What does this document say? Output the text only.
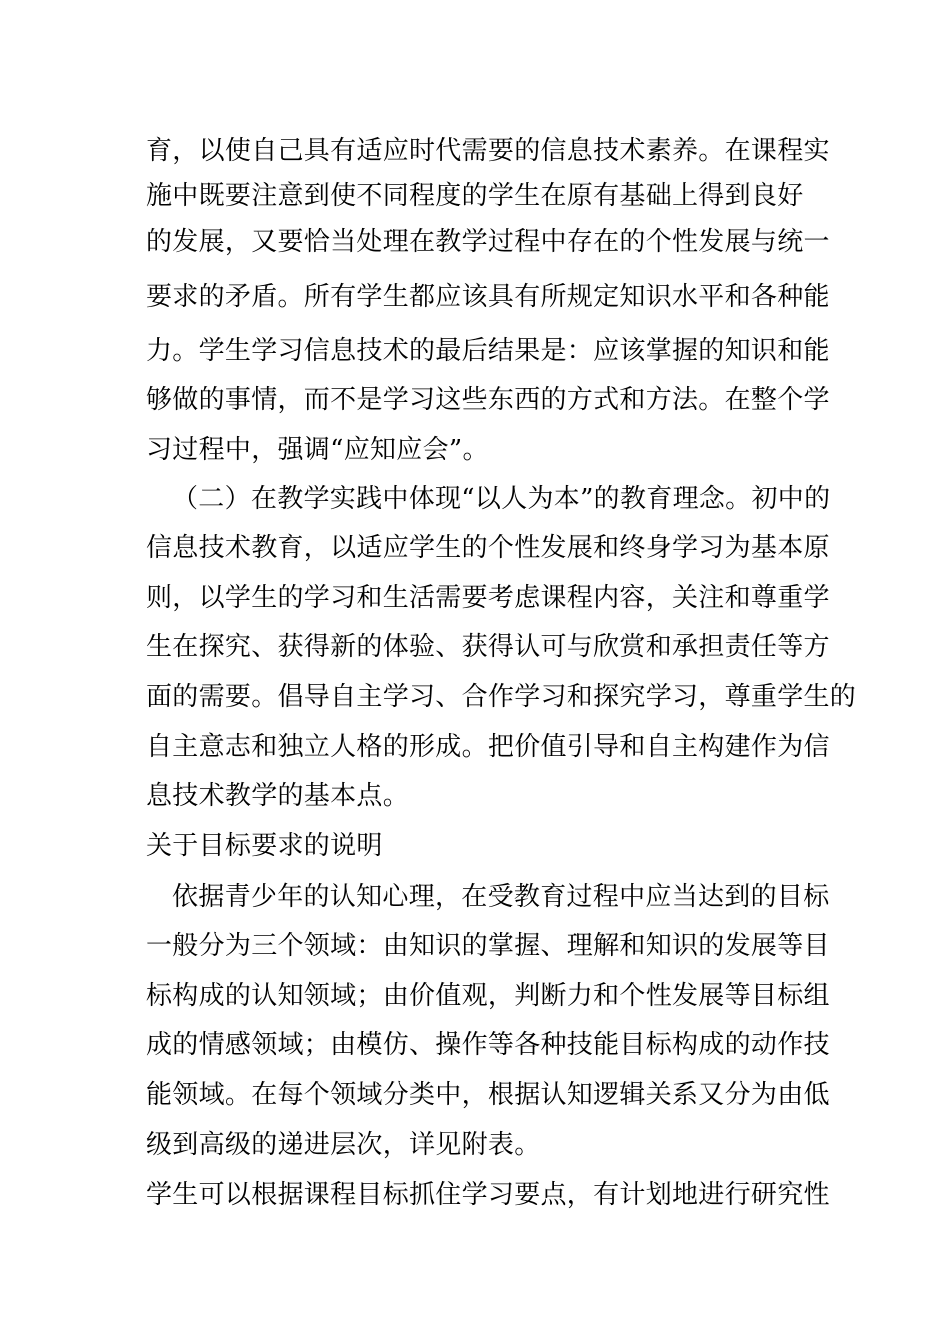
育，以使自己具有适应时代需要的信息技术素养。在课程实
施中既要注意到使不同程度的学生在原有基础上得到良好
的发展，又要恰当处理在教学过程中存在的个性发展与统一
要求的矛盾。所有学生都应该具有所规定知识水平和各种能
力。学生学习信息技术的最后结果是：应该掌握的知识和能
够做的事情，而不是学习这些东西的方式和方法。在整个学
习过程中，强调“应知应会”。
（二）在教学实践中体现“以人为本”的教育理念。初中的
信息技术教育，以适应学生的个性发展和终身学习为基本原
则，以学生的学习和生活需要考虑课程内容，关注和尊重学
生在探究、获得新的体验、获得认可与欣赏和承担责任等方
面的需要。倡导自主学习、合作学习和探究学习，尊重学生的
自主意志和独立人格的形成。把价值引导和自主构建作为信
息技术教学的基本点。
关于目标要求的说明
依据青少年的认知心理，在受教育过程中应当达到的目标
一般分为三个领域：由知识的掌握、理解和知识的发展等目
标构成的认知领域；由价值观，判断力和个性发展等目标组
成的情感领域；由模仿、操作等各种技能目标构成的动作技
能领域。在每个领域分类中，根据认知逻辑关系又分为由低
级到高级的递进层次，详见附表。
学生可以根据课程目标抓住学习要点，有计划地进行研究性
